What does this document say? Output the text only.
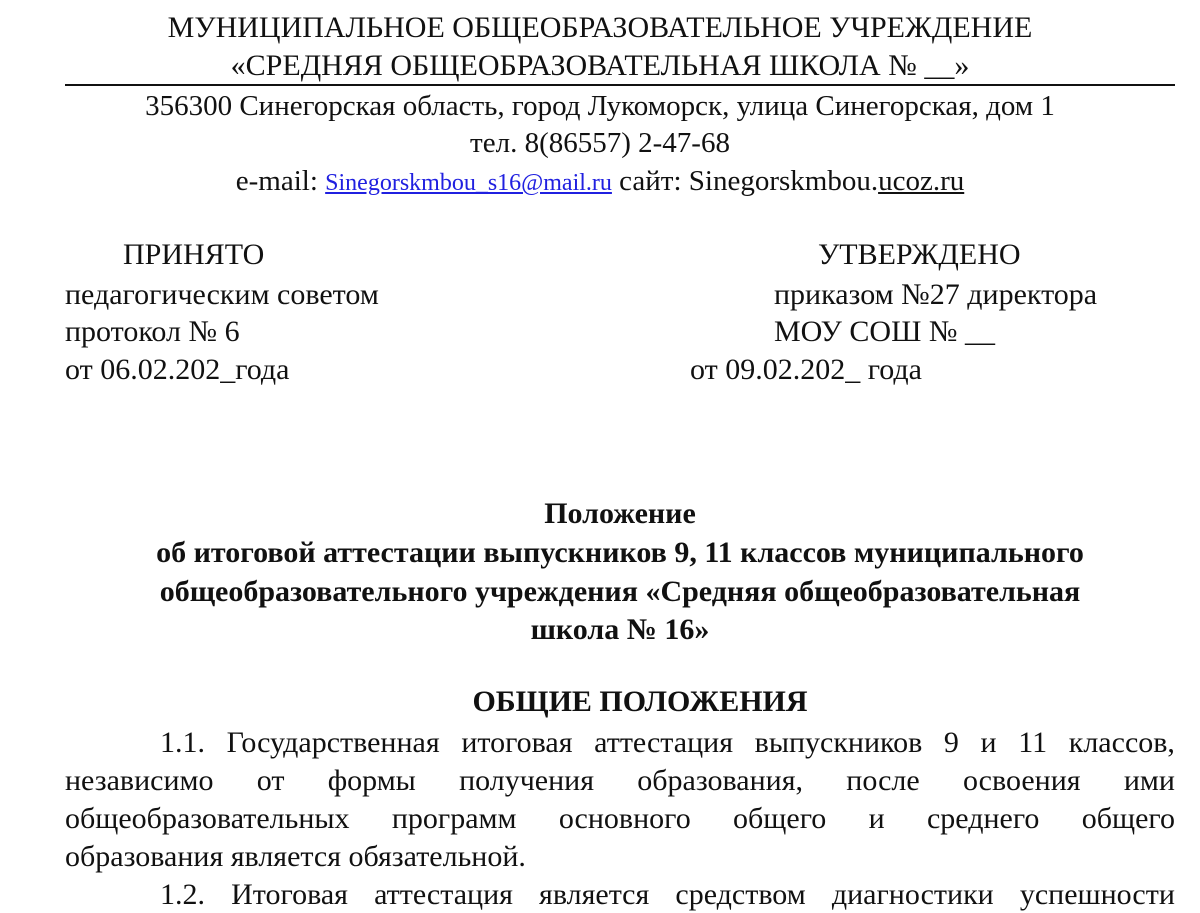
МУНИЦИПАЛЬНОЕ ОБЩЕОБРАЗОВАТЕЛЬНОЕ УЧРЕЖДЕНИЕ
«СРЕДНЯЯ ОБЩЕОБРАЗОВАТЕЛЬНАЯ ШКОЛА № __»
356300 Синегорская область, город Лукоморск, улица Синегорская, дом 1
тел. 8(86557) 2-47-68
e-mail: Sinegorskmbou_s16@mail.ru сайт: Sinegorskmbou.ucoz.ru
ПРИНЯТО
педагогическим советом
протокол № 6
от 06.02.202_года
УТВЕРЖДЕНО
приказом №27 директора
МОУ СОШ № __
от 09.02.202_ года
Положение
об итоговой аттестации выпускников 9, 11 классов муниципального
общеобразовательного учреждения «Средняя общеобразовательная
школа № 16»
ОБЩИЕ ПОЛОЖЕНИЯ
1.1. Государственная итоговая аттестация выпускников 9 и 11 классов,
независимо от формы получения образования, после освоения ими
общеобразовательных программ основного общего и среднего общего
образования является обязательной.
1.2. Итоговая аттестация является средством диагностики успешности
